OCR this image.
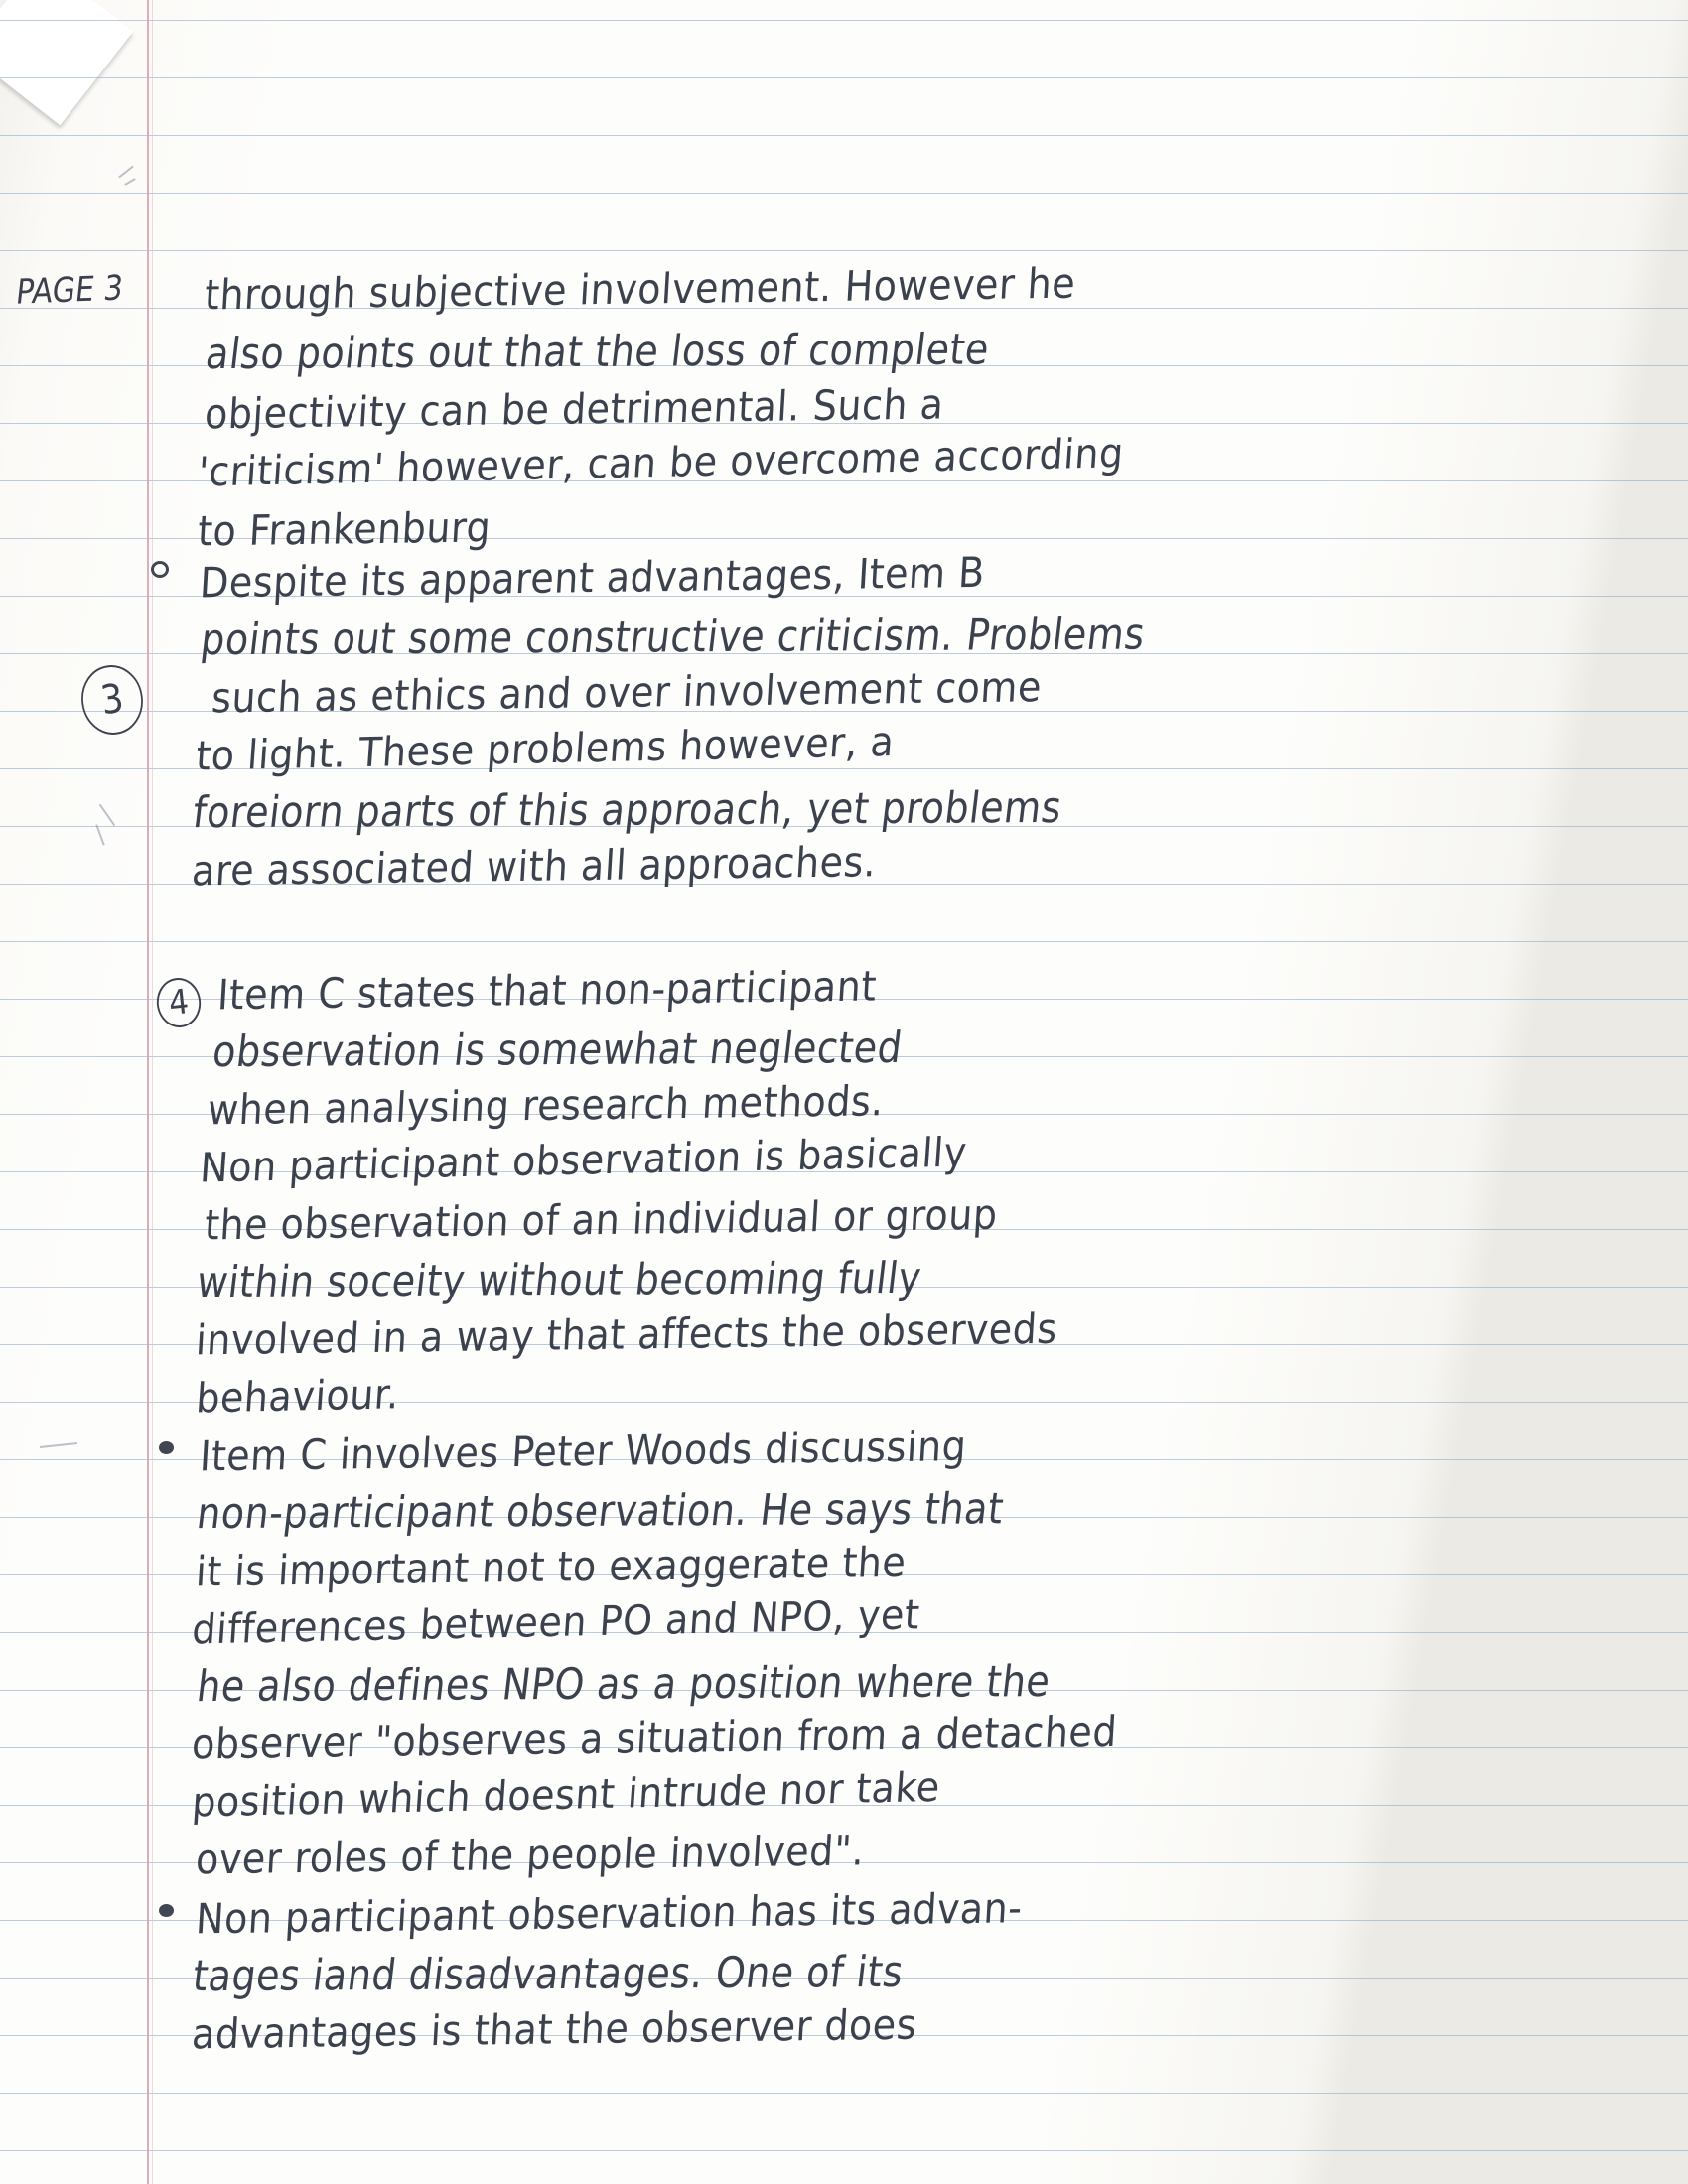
PAGE 3 through subjective involvement. However he
also points out that the loss of complete
objectivity can be detrimental. Such a
'criticism' however, can be overcome according
to Frankenburg
3
Despite its apparent advantages, Item B
points out some constructive criticism. Problems
such as ethics and over involvement come
to light. These problems however, a
foreiorn parts of this approach, yet problems
are associated with all approaches.
4 Item C states that non-participant
observation is somewhat neglected
when analysing research methods.
Non participant observation is basically
the observation of an individual or group
within soceity without becoming fully
involved in a way that affects the observeds
behaviour.
Item C involves Peter Woods discussing
non-participant observation. He says that
it is important not to exaggerate the
differences between PO and NPO, yet
he also defines NPO as a position where the
observer "observes a situation from a detached
position which doesnt intrude nor take
over roles of the people involved".
Non participant observation has its advan-
tages iand disadvantages. One of its
advantages is that the observer does
